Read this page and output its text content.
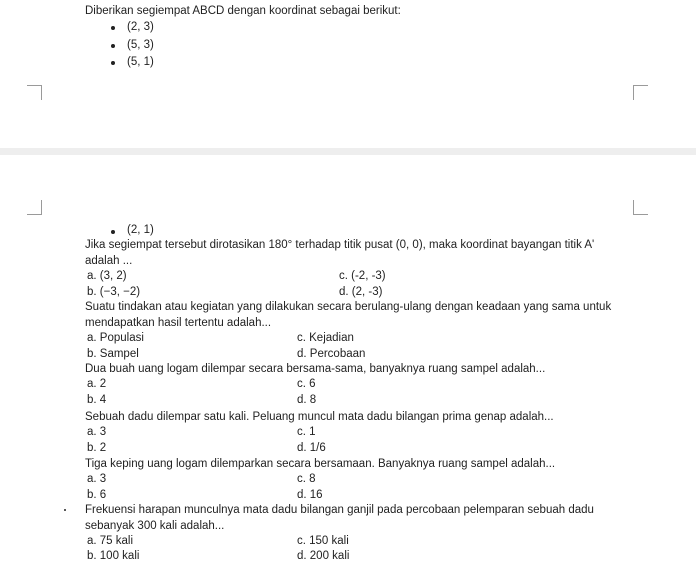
Diberikan segiempat ABCD dengan koordinat sebagai berikut:
(2, 3)
(5, 3)
(5, 1)
(2, 1)
Jika segiempat tersebut dirotasikan 180° terhadap titik pusat (0, 0), maka koordinat bayangan titik A'
adalah ...
a. (3, 2)	c. (-2, -3)
b. (−3, −2)	d. (2, -3)
Suatu tindakan atau kegiatan yang dilakukan secara berulang-ulang dengan keadaan yang sama untuk
mendapatkan hasil tertentu adalah...
a. Populasi	c. Kejadian
b. Sampel	d. Percobaan
Dua buah uang logam dilempar secara bersama-sama, banyaknya ruang sampel adalah...
a. 2	c. 6
b. 4	d. 8
Sebuah dadu dilempar satu kali. Peluang muncul mata dadu bilangan prima genap adalah...
a. 3	c. 1
b. 2	d. 1/6
Tiga keping uang logam dilemparkan secara bersamaan. Banyaknya ruang sampel adalah...
a. 3	c. 8
b. 6	d. 16
Frekuensi harapan munculnya mata dadu bilangan ganjil pada percobaan pelemparan sebuah dadu
sebanyak 300 kali adalah...
a. 75 kali	c. 150 kali
b. 100 kali	d. 200 kali
